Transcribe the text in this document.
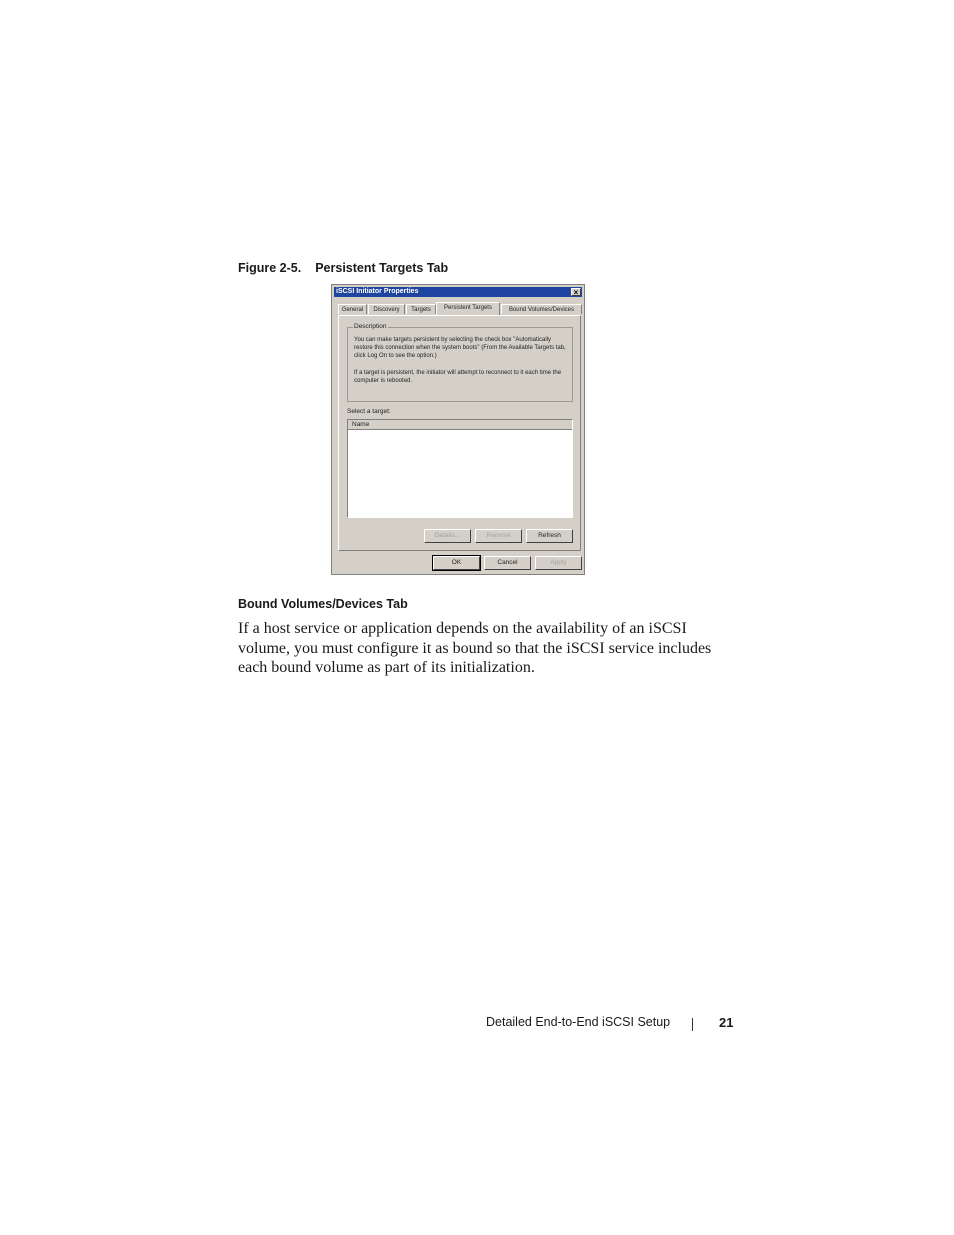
Figure 2-5. Persistent Targets Tab
iSCSI Initiator Properties	×
General	Discovery	Targets	Persistent Targets	Bound Volumes/Devices
Description
You can make targets persistent by selecting the check box "Automatically restore this connection when the system boots" (From the Available Targets tab, click Log On to see the option.)
If a target is persistent, the initiator will attempt to reconnect to it each time the computer is rebooted.
Select a target:
Name
Details...	Remove	Refresh
OK	Cancel	Apply
Bound Volumes/Devices Tab
If a host service or application depends on the availability of an iSCSI volume, you must configure it as bound so that the iSCSI service includes each bound volume as part of its initialization.
Detailed End-to-End iSCSI Setup	21
